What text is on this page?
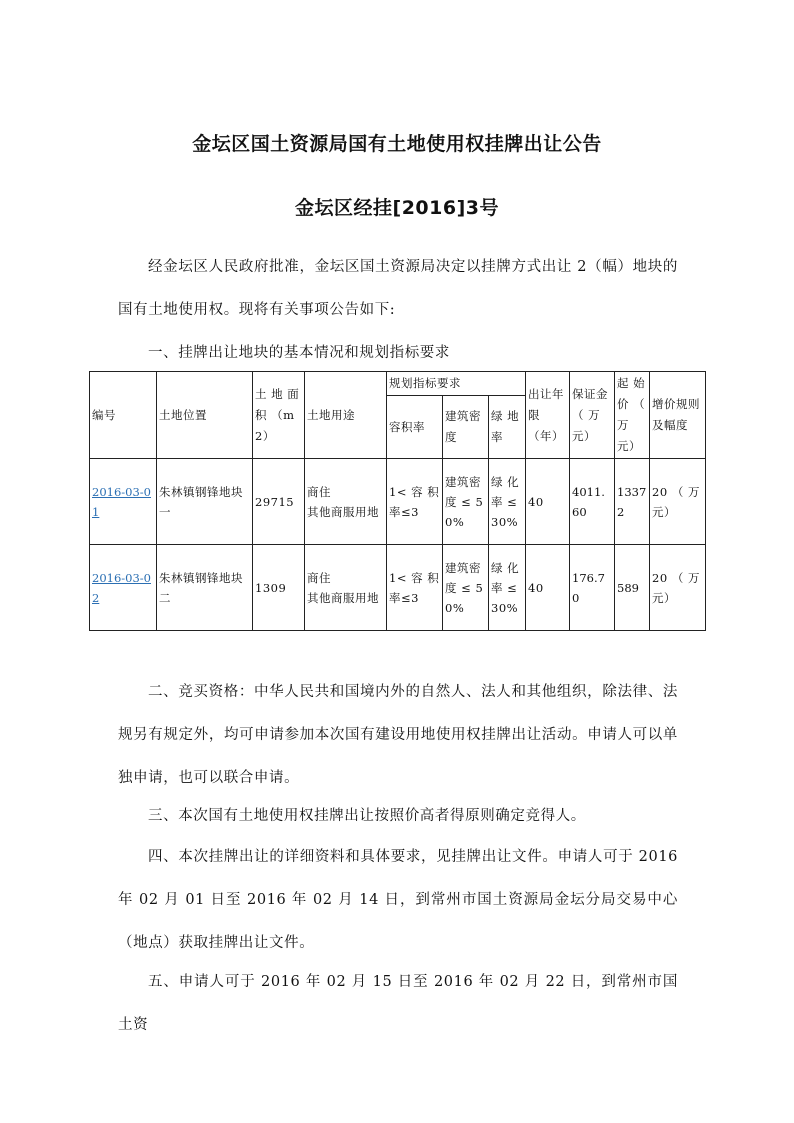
金坛区国土资源局国有土地使用权挂牌出让公告
金坛区经挂[2016]3号

经金坛区人民政府批准，金坛区国土资源局决定以挂牌方式出让 2（幅）地块的国有土地使用权。现将有关事项公告如下:

一、挂牌出让地块的基本情况和规划指标要求

编号	土地位置	土 地 面 积 （m2）	土地用途	规划指标要求			出让年限（年）	保证金（ 万 元）	起 始 价 （ 万 元）	增价规则及幅度
				容积率	建筑密度	绿 地 率				
2016-03-01	朱林镇钢锋地块一	29715	商住
其他商服用地	1< 容 积 率≤3	建筑密度 ≤ 50%	绿 化 率 ≤ 30%	40	4011.60	13372	20 （ 万 元）
2016-03-02	朱林镇钢锋地块二	1309	商住
其他商服用地	1< 容 积 率≤3	建筑密度 ≤ 50%	绿 化 率 ≤ 30%	40	176.70	589	20 （ 万 元）

二、竞买资格：中华人民共和国境内外的自然人、法人和其他组织，除法律、法规另有规定外，均可申请参加本次国有建设用地使用权挂牌出让活动。申请人可以单独申请，也可以联合申请。

三、本次国有土地使用权挂牌出让按照价高者得原则确定竞得人。

四、本次挂牌出让的详细资料和具体要求，见挂牌出让文件。申请人可于 2016 年 02 月 01 日至 2016 年 02 月 14 日，到常州市国土资源局金坛分局交易中心（地点）获取挂牌出让文件。

五、申请人可于 2016 年 02 月 15 日至 2016 年 02 月 22 日，到常州市国土资
